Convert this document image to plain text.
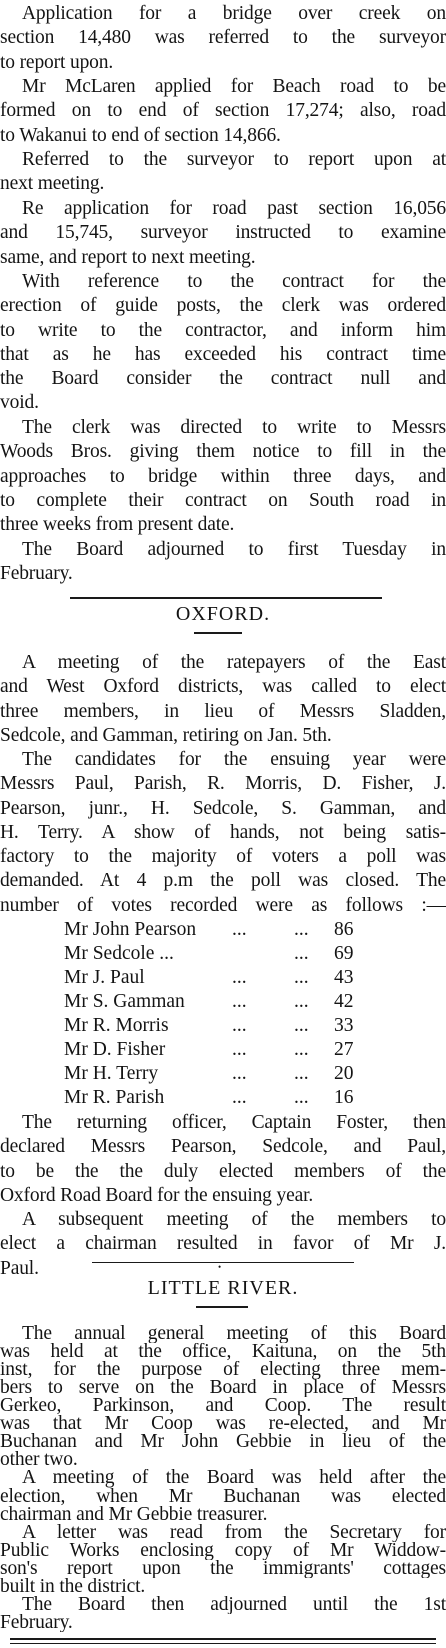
Application for a bridge over creek on
section 14,480 was referred to the surveyor
to report upon.
Mr McLaren applied for Beach road to be
formed on to end of section 17,274; also, road
to Wakanui to end of section 14,866.
Referred to the surveyor to report upon at
next meeting.
Re application for road past section 16,056
and 15,745, surveyor instructed to examine
same, and report to next meeting.
With reference to the contract for the
erection of guide posts, the clerk was ordered
to write to the contractor, and inform him
that as he has exceeded his contract time
the Board consider the contract null and
void.
The clerk was directed to write to Messrs
Woods Bros. giving them notice to fill in the
approaches to bridge within three days, and
to complete their contract on South road in
three weeks from present date.
The Board adjourned to first Tuesday in
February.
OXFORD.
A meeting of the ratepayers of the East
and West Oxford districts, was called to elect
three members, in lieu of Messrs Sladden,
Sedcole, and Gamman, retiring on Jan. 5th.
The candidates for the ensuing year were
Messrs Paul, Parish, R. Morris, D. Fisher, J.
Pearson, junr., H. Sedcole, S. Gamman, and
H. Terry. A show of hands, not being satis-
factory to the majority of voters a poll was
demanded. At 4 p.m the poll was closed. The
number of votes recorded were as follows :—
Mr John Pearson ... ... 86
Mr Sedcole ...	... 69
Mr J. Paul	... ... 43
Mr S. Gamman ... ... 42
Mr R. Morris	... ... 33
Mr D. Fisher	... ... 27
Mr H. Terry	... ... 20
Mr R. Parish	... ... 16
The returning officer, Captain Foster, then
declared Messrs Pearson, Sedcole, and Paul,
to be the the duly elected members of the
Oxford Road Board for the ensuing year.
A subsequent meeting of the members to
elect a chairman resulted in favor of Mr J.
Paul.	•
LITTLE RIVER.
The annual general meeting of this Board
was held at the office, Kaituna, on the 5th
inst, for the purpose of electing three mem-
bers to serve on the Board in place of Messrs
Gerkeo, Parkinson, and Coop. The result
was that Mr Coop was re-elected, and Mr
Buchanan and Mr John Gebbie in lieu of the
other two.
A meeting of the Board was held after the
election, when Mr Buchanan was elected
chairman and Mr Gebbie treasurer.
A letter was read from the Secretary for
Public Works enclosing copy of Mr Widdow-
son's report upon the immigrants' cottages
built in the district.
The Board then adjourned until the 1st
February.
